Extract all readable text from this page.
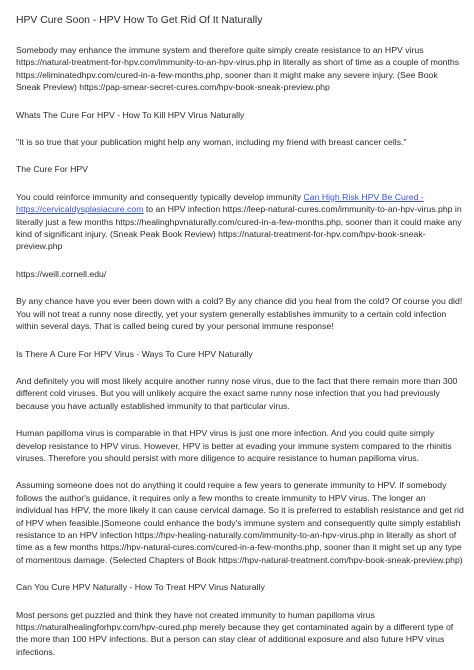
HPV Cure Soon - HPV How To Get Rid Of It Naturally
Somebody may enhance the immune system and therefore quite simply create resistance to an HPV virus https://natural-treatment-for-hpv.com/immunity-to-an-hpv-virus.php in literally as short of time as a couple of months https://eliminatedhpv.com/cured-in-a-few-months.php, sooner than it might make any severe injury. (See Book Sneak Preview) https://pap-smear-secret-cures.com/hpv-book-sneak-preview.php
Whats The Cure For HPV - How To Kill HPV Virus Naturally
"It is so true that your publication might help any woman, including my friend with breast cancer cells."
The Cure For HPV
You could reinforce immunity and consequently typically develop immunity Can High Risk HPV Be Cured - https://cervicaldysplasiacure.com to an HPV infection https://leep-natural-cures.com/immunity-to-an-hpv-virus.php in literally just a few months https://healinghpvnaturally.com/cured-in-a-few-months.php, sooner than it could make any kind of significant injury. (Sneak Peak Book Review) https://natural-treatment-for-hpv.com/hpv-book-sneak-preview.php
https://weill.cornell.edu/
By any chance have you ever been down with a cold? By any chance did you heal from the cold? Of course you did! You will not treat a runny nose directly, yet your system generally establishes immunity to a certain cold infection within several days. That is called being cured by your personal immune response!
Is There A Cure For HPV Virus - Ways To Cure HPV Naturally
And definitely you will most likely acquire another runny nose virus, due to the fact that there remain more than 300 different cold viruses. But you will unlikely acquire the exact same runny nose infection that you had previously because you have actually established immunity to that particular virus.
Human papilloma virus is comparable in that HPV virus is just one more infection. And you could quite simply develop resistance to HPV virus. However, HPV is better at evading your immune system compared to the rhinitis viruses. Therefore you should persist with more diligence to acquire resistance to human papilloma virus.
Assuming someone does not do anything it could require a few years to generate immunity to HPV. If somebody follows the author's guidance, it requires only a few months to create immunity to HPV virus. The longer an individual has HPV, the more likely it can cause cervical damage. So it is preferred to establish resistance and get rid of HPV when feasible.|Someone could enhance the body's immune system and consequently quite simply establish resistance to an HPV infection https://hpv-healing-naturally.com/immunity-to-an-hpv-virus.php in literally as short of time as a few months https://hpv-natural-cures.com/cured-in-a-few-months.php, sooner than it might set up any type of momentous damage. (Selected Chapters of Book https://hpv-natural-treatment.com/hpv-book-sneak-preview.php)
Can You Cure HPV Naturally - How To Treat HPV Virus Naturally
Most persons get puzzled and think they have not created immunity to human papilloma virus https://naturalhealingforhpv.com/hpv-cured.php merely because they get contaminated again by a different type of the more than 100 HPV infections. But a person can stay clear of additional exposure and also future HPV virus infections.
